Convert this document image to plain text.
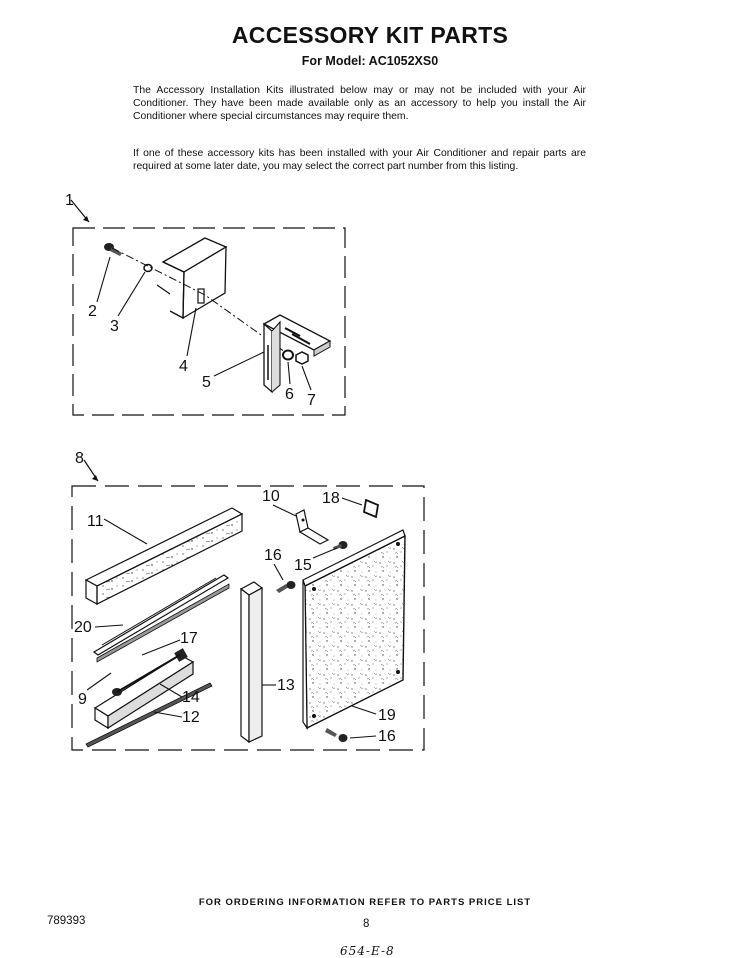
ACCESSORY KIT PARTS
For Model: AC1052XS0
The Accessory Installation Kits illustrated below may or may not be included with your Air Conditioner. They have been made available only as an accessory to help you install the Air Conditioner where special circumstances may require them.
If one of these accessory kits has been installed with your Air Conditioner and repair parts are required at some later date, you may select the correct part number from this listing.
1
2
3
4
5
6 7
8
11
20
17
9	14
12
13
10	18
16
15
19
16
FOR ORDERING INFORMATION REFER TO PARTS PRICE LIST
789393	8
654-E-8
